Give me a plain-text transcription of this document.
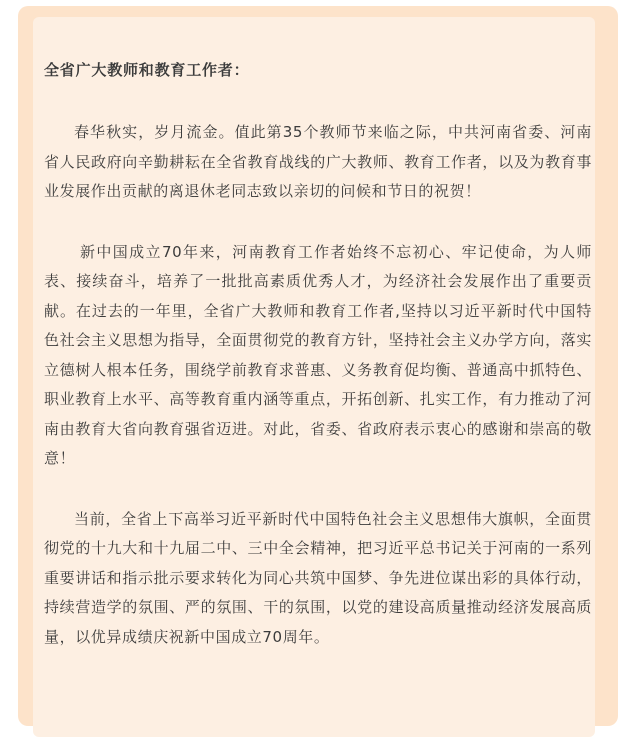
全省广大教师和教育工作者：

春华秋实，岁月流金。值此第35个教师节来临之际，中共河南省委、河南省人民政府向辛勤耕耘在全省教育战线的广大教师、教育工作者，以及为教育事业发展作出贡献的离退休老同志致以亲切的问候和节日的祝贺！

新中国成立70年来，河南教育工作者始终不忘初心、牢记使命，为人师表、接续奋斗，培养了一批批高素质优秀人才，为经济社会发展作出了重要贡献。在过去的一年里，全省广大教师和教育工作者,坚持以习近平新时代中国特色社会主义思想为指导，全面贯彻党的教育方针，坚持社会主义办学方向，落实立德树人根本任务，围绕学前教育求普惠、义务教育促均衡、普通高中抓特色、职业教育上水平、高等教育重内涵等重点，开拓创新、扎实工作，有力推动了河南由教育大省向教育强省迈进。对此，省委、省政府表示衷心的感谢和崇高的敬意！

当前，全省上下高举习近平新时代中国特色社会主义思想伟大旗帜，全面贯彻党的十九大和十九届二中、三中全会精神，把习近平总书记关于河南的一系列重要讲话和指示批示要求转化为同心共筑中国梦、争先进位谋出彩的具体行动，持续营造学的氛围、严的氛围、干的氛围，以党的建设高质量推动经济发展高质量，以优异成绩庆祝新中国成立70周年。
